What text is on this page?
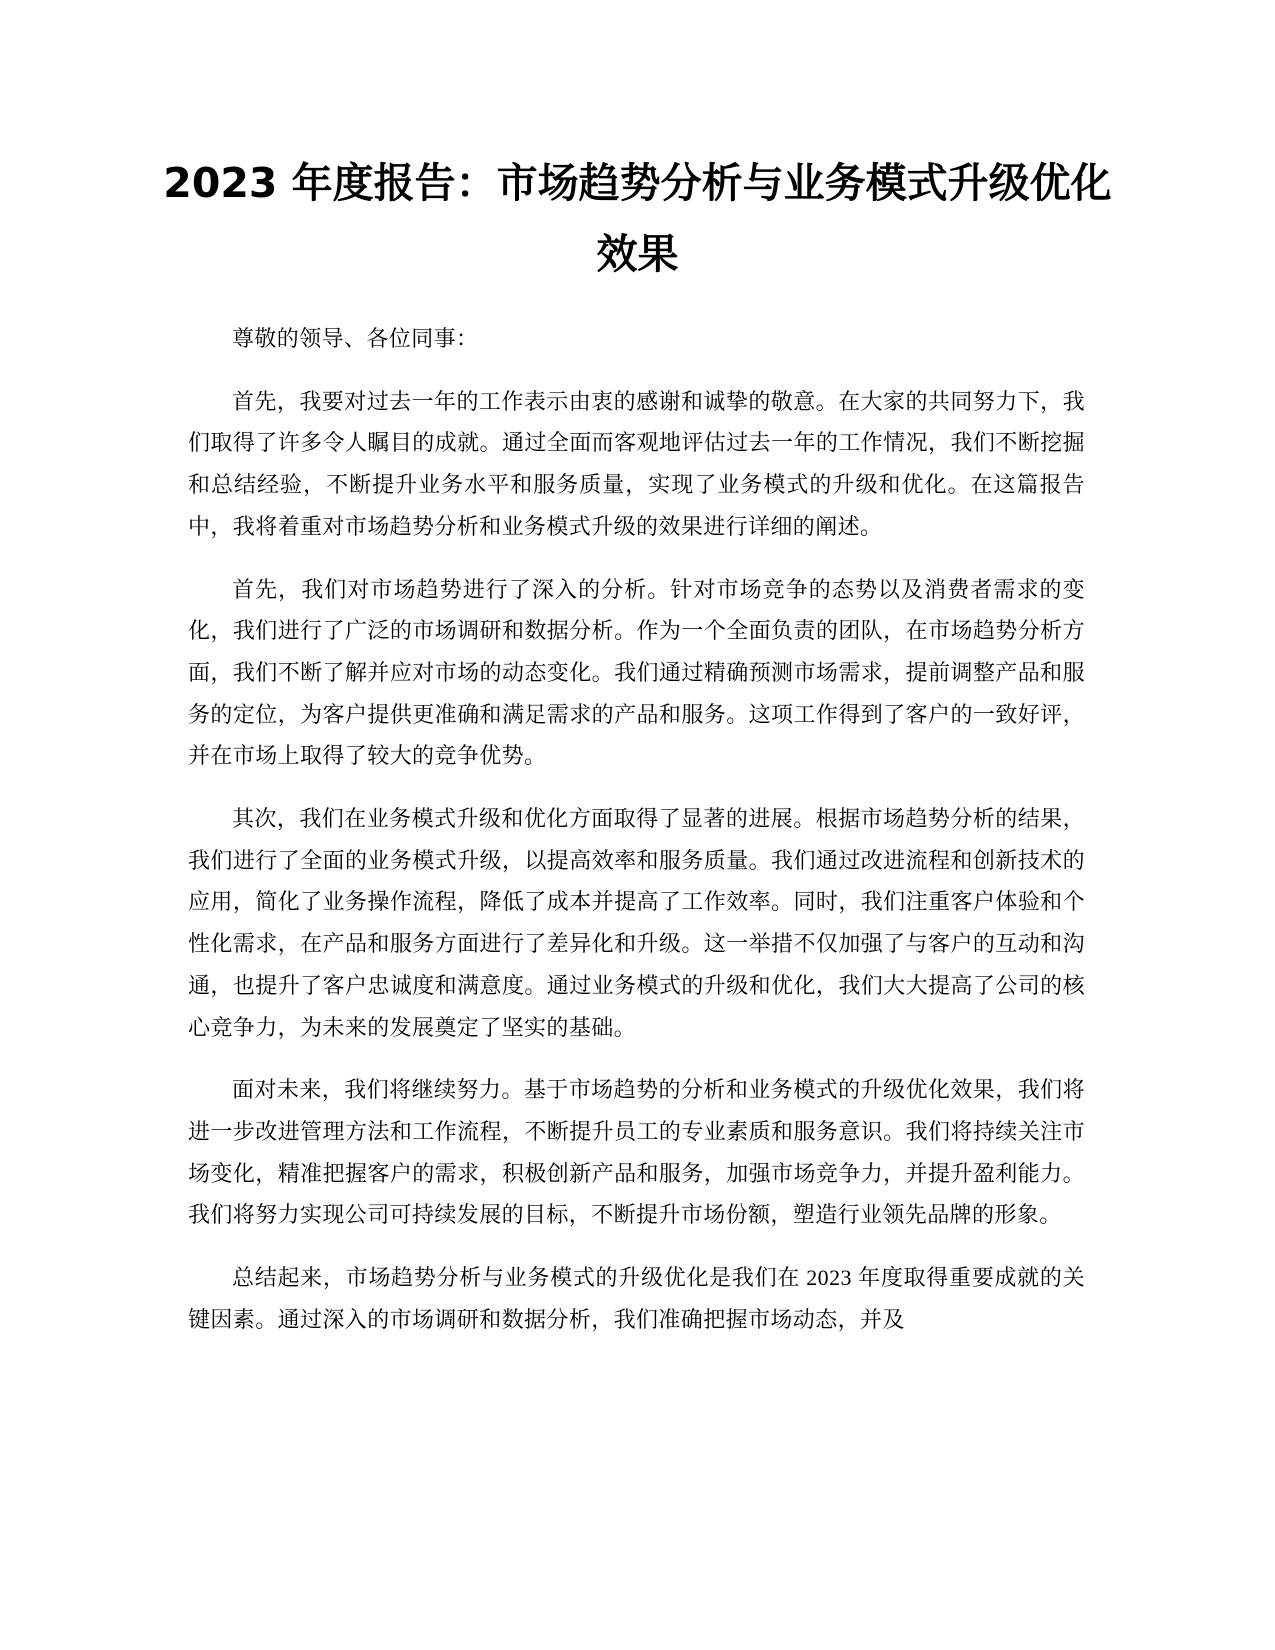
2023 年度报告：市场趋势分析与业务模式升级优化效果

尊敬的领导、各位同事：

首先，我要对过去一年的工作表示由衷的感谢和诚挚的敬意。在大家的共同努力下，我们取得了许多令人瞩目的成就。通过全面而客观地评估过去一年的工作情况，我们不断挖掘和总结经验，不断提升业务水平和服务质量，实现了业务模式的升级和优化。在这篇报告中，我将着重对市场趋势分析和业务模式升级的效果进行详细的阐述。

首先，我们对市场趋势进行了深入的分析。针对市场竞争的态势以及消费者需求的变化，我们进行了广泛的市场调研和数据分析。作为一个全面负责的团队，在市场趋势分析方面，我们不断了解并应对市场的动态变化。我们通过精确预测市场需求，提前调整产品和服务的定位，为客户提供更准确和满足需求的产品和服务。这项工作得到了客户的一致好评，并在市场上取得了较大的竞争优势。

其次，我们在业务模式升级和优化方面取得了显著的进展。根据市场趋势分析的结果，我们进行了全面的业务模式升级，以提高效率和服务质量。我们通过改进流程和创新技术的应用，简化了业务操作流程，降低了成本并提高了工作效率。同时，我们注重客户体验和个性化需求，在产品和服务方面进行了差异化和升级。这一举措不仅加强了与客户的互动和沟通，也提升了客户忠诚度和满意度。通过业务模式的升级和优化，我们大大提高了公司的核心竞争力，为未来的发展奠定了坚实的基础。

面对未来，我们将继续努力。基于市场趋势的分析和业务模式的升级优化效果，我们将进一步改进管理方法和工作流程，不断提升员工的专业素质和服务意识。我们将持续关注市场变化，精准把握客户的需求，积极创新产品和服务，加强市场竞争力，并提升盈利能力。我们将努力实现公司可持续发展的目标，不断提升市场份额，塑造行业领先品牌的形象。

总结起来，市场趋势分析与业务模式的升级优化是我们在 2023 年度取得重要成就的关键因素。通过深入的市场调研和数据分析，我们准确把握市场动态，并及
